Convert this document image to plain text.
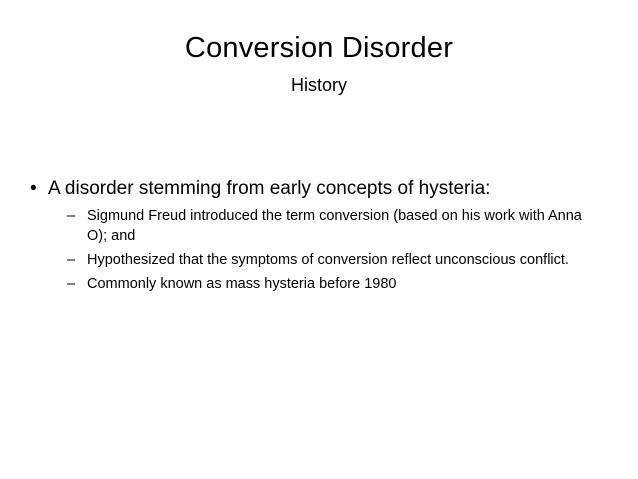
Conversion Disorder
History
• A disorder stemming from early concepts of hysteria:
– Sigmund Freud introduced the term conversion (based on his work with Anna O); and
– Hypothesized that the symptoms of conversion reflect unconscious conflict.
– Commonly known as mass hysteria before 1980
